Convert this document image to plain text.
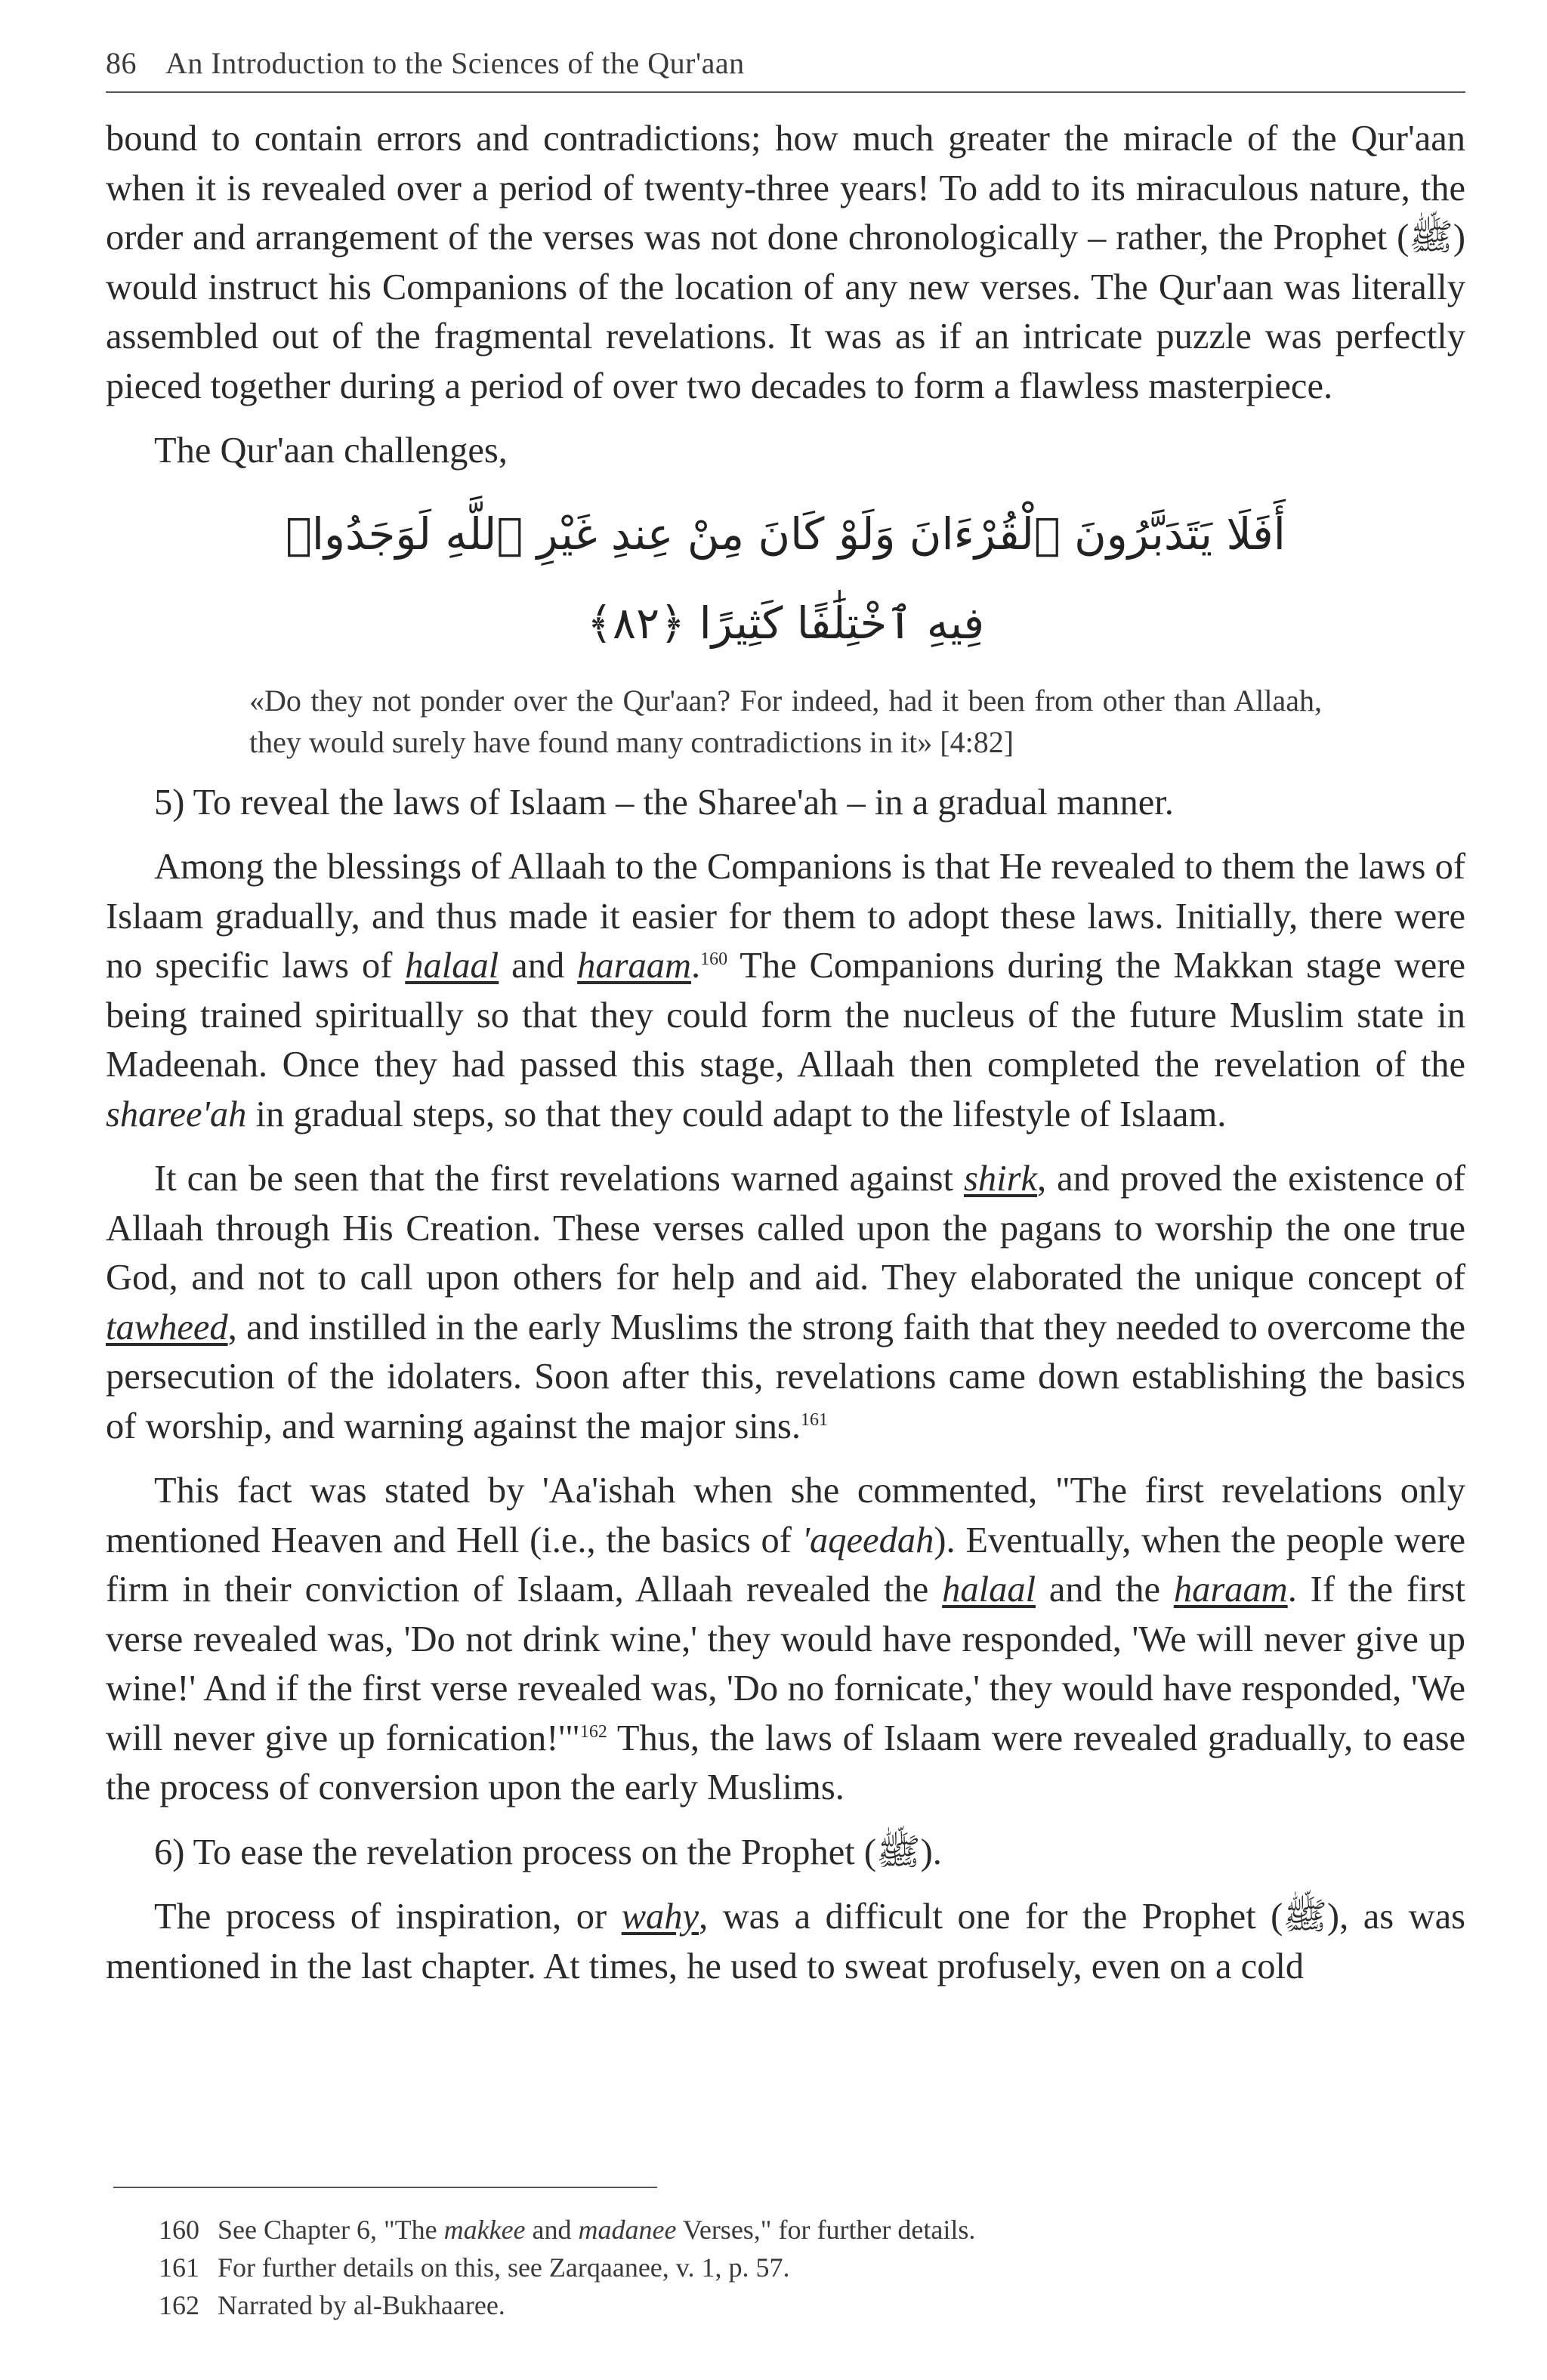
86 An Introduction to the Sciences of the Qur'aan

bound to contain errors and contradictions; how much greater the miracle of the Qur'aan when it is revealed over a period of twenty-three years! To add to its miraculous nature, the order and arrangement of the verses was not done chronologically – rather, the Prophet (ﷺ) would instruct his Companions of the location of any new verses. The Qur'aan was literally assembled out of the fragmental revelations. It was as if an intricate puzzle was perfectly pieced together during a period of over two decades to form a flawless masterpiece.

The Qur'aan challenges,

أَفَلَا يَتَدَبَّرُونَ ٱلْقُرْءَانَ وَلَوْ كَانَ مِنْ عِندِ غَيْرِ ٱللَّهِ لَوَجَدُوا۟
فِيهِ ٱخْتِلَٰفًا كَثِيرًا ﴿٨٢﴾
«Do they not ponder over the Qur'aan? For indeed, had it been from other than Allaah, they would surely have found many contradictions in it» [4:82]

5) To reveal the laws of Islaam – the Sharee'ah – in a gradual manner.

Among the blessings of Allaah to the Companions is that He revealed to them the laws of Islaam gradually, and thus made it easier for them to adopt these laws. Initially, there were no specific laws of halaal and haraam.$^{160}$ The Companions during the Makkan stage were being trained spiritually so that they could form the nucleus of the future Muslim state in Madeenah. Once they had passed this stage, Allaah then completed the revelation of the sharee'ah in gradual steps, so that they could adapt to the lifestyle of Islaam.

It can be seen that the first revelations warned against shirk, and proved the existence of Allaah through His Creation. These verses called upon the pagans to worship the one true God, and not to call upon others for help and aid. They elaborated the unique concept of tawheed, and instilled in the early Muslims the strong faith that they needed to overcome the persecution of the idolaters. Soon after this, revelations came down establishing the basics of worship, and warning against the major sins.$^{161}$

This fact was stated by 'Aa'ishah when she commented, "The first revelations only mentioned Heaven and Hell (i.e., the basics of 'aqeedah). Eventually, when the people were firm in their conviction of Islaam, Allaah revealed the halaal and the haraam. If the first verse revealed was, 'Do not drink wine,' they would have responded, 'We will never give up wine!' And if the first verse revealed was, 'Do no fornicate,' they would have responded, 'We will never give up fornication!'"$^{162}$ Thus, the laws of Islaam were revealed gradually, to ease the process of conversion upon the early Muslims.

6) To ease the revelation process on the Prophet (ﷺ).

The process of inspiration, or wahy, was a difficult one for the Prophet (ﷺ), as was mentioned in the last chapter. At times, he used to sweat profusely, even on a cold

160 See Chapter 6, "The makkee and madanee Verses," for further details.
161 For further details on this, see Zarqaanee, v. 1, p. 57.
162 Narrated by al-Bukhaaree.
